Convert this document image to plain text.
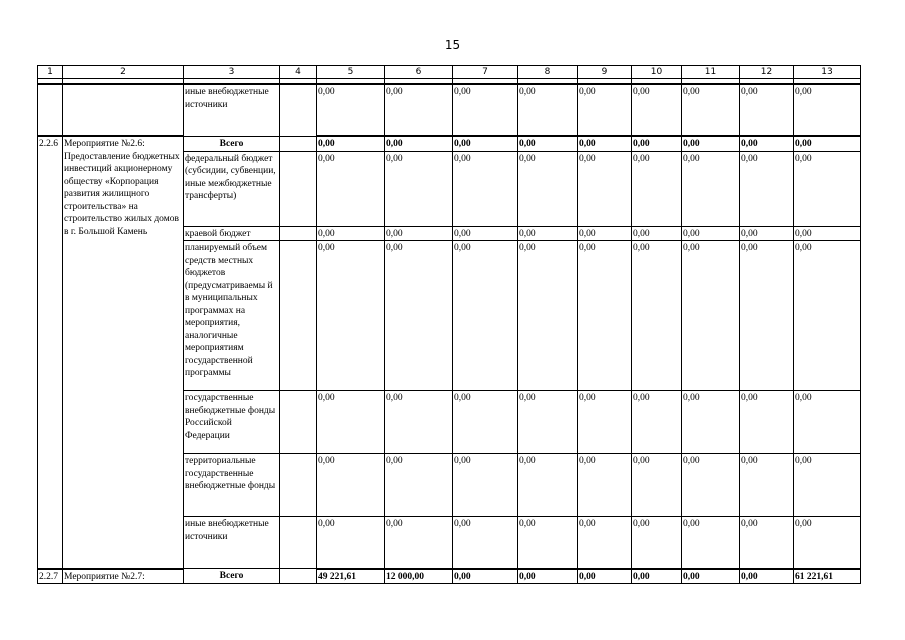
15
1	2	3	4	5	6	7	8	9	10	11	12	13

		иные внебюджетные источники		0,00	0,00	0,00	0,00	0,00	0,00	0,00	0,00	0,00
2.2.6	Мероприятие №2.6: Предоставление бюджетных инвестиций акционерному обществу «Корпорация развития жилищного строительства» на строительство жилых домов в г. Большой Камень	Всего		0,00	0,00	0,00	0,00	0,00	0,00	0,00	0,00	0,00
		федеральный бюджет (субсидии, субвенции, иные межбюджетные трансферты)		0,00	0,00	0,00	0,00	0,00	0,00	0,00	0,00	0,00
		краевой бюджет		0,00	0,00	0,00	0,00	0,00	0,00	0,00	0,00	0,00
		планируемый объем средств местных бюджетов (предусматриваемы й в муниципальных программах на мероприятия, аналогичные мероприятиям государственной программы		0,00	0,00	0,00	0,00	0,00	0,00	0,00	0,00	0,00
		государственные внебюджетные фонды Российской Федерации		0,00	0,00	0,00	0,00	0,00	0,00	0,00	0,00	0,00
		территориальные государственные внебюджетные фонды		0,00	0,00	0,00	0,00	0,00	0,00	0,00	0,00	0,00
		иные внебюджетные источники		0,00	0,00	0,00	0,00	0,00	0,00	0,00	0,00	0,00
2.2.7	Мероприятие №2.7:	Всего		49 221,61	12 000,00	0,00	0,00	0,00	0,00	0,00	0,00	61 221,61
